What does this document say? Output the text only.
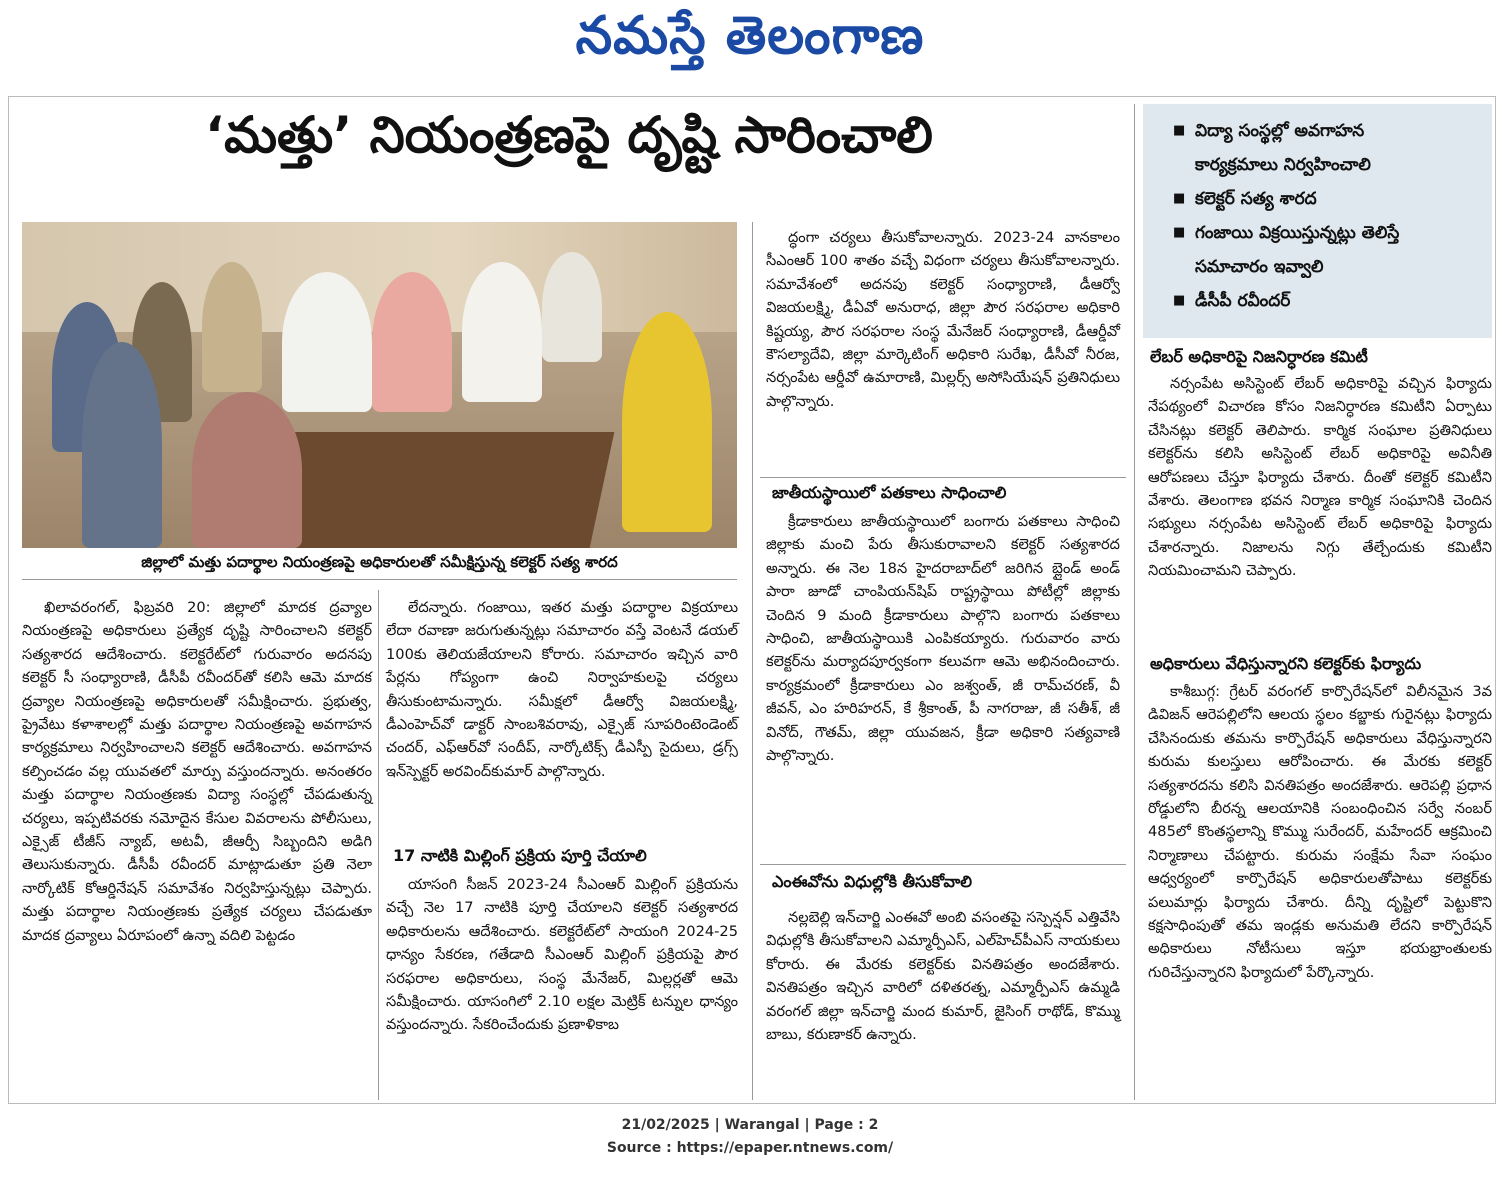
నమస్తే తెలంగాణ
‘మత్తు’ నియంత్రణపై దృష్టి సారించాలి
■	విద్యా సంస్థల్లో అవగాహన
కార్యక్రమాలు నిర్వహించాలి
■ కలెక్టర్ సత్య శారద
■ గంజాయి విక్రయిస్తున్నట్లు తెలిస్తే
సమాచారం ఇవ్వాలి
■ డీసీపీ రవీందర్
జిల్లాలో మత్తు పదార్థాల నియంత్రణపై అధికారులతో సమీక్షిస్తున్న కలెక్టర్ సత్య శారద

ఖిలావరంగల్, ఫిబ్రవరి 20: జిల్లాలో మాదక ద్రవ్యాల నియంత్రణపై అధికారులు ప్రత్యేక దృష్టి సారించాలని కలెక్టర్ సత్యశారద ఆదేశించారు. కలెక్టరేట్‌లో గురువారం అదనపు కలెక్టర్ సీ సంధ్యారాణి, డీసీపీ రవీందర్‌తో కలిసి ఆమె మాదక ద్రవ్యాల నియంత్రణపై అధికారులతో సమీక్షించారు. ప్రభుత్వ, ప్రైవేటు కళాశాలల్లో మత్తు పదార్థాల నియంత్రణపై అవగాహన కార్యక్రమాలు నిర్వహించాలని కలెక్టర్ ఆదేశించారు. అవగాహన కల్పించడం వల్ల యువతలో మార్పు వస్తుందన్నారు. అనంతరం మత్తు పదార్థాల నియంత్రణకు విద్యా సంస్థల్లో చేపడుతున్న చర్యలు, ఇప్పటివరకు నమోదైన కేసుల వివరాలను పోలీసులు, ఎక్సైజ్ టీజీస్ న్యాబ్, అటవీ, జీఆర్పీ సిబ్బందిని అడిగి తెలుసుకున్నారు. డీసీపీ రవీందర్ మాట్లాడుతూ ప్రతి నెలా నార్కోటిక్ కోఆర్డినేషన్ సమావేశం నిర్వహిస్తున్నట్లు చెప్పారు. మత్తు పదార్థాల నియంత్రణకు ప్రత్యేక చర్యలు చేపడుతూ మాదక ద్రవ్యాలు ఏరూపంలో ఉన్నా వదిలి పెట్టడం

లేదన్నారు. గంజాయి, ఇతర మత్తు పదార్థాల విక్రయాలు లేదా రవాణా జరుగుతున్నట్లు సమాచారం వస్తే వెంటనే డయల్ 100కు తెలియజేయాలని కోరారు. సమాచారం ఇచ్చిన వారి పేర్లను గోప్యంగా ఉంచి నిర్వాహకులపై చర్యలు తీసుకుంటామన్నారు. సమీక్షలో డీఆర్వో విజయలక్ష్మి, డీఎంహెచ్‌వో డాక్టర్ సాంబశివరావు, ఎక్సైజ్ సూపరింటెండెంట్ చందర్, ఎఫ్‌ఆర్‌వో సందీప్, నార్కోటిక్స్ డీఎస్పీ సైదులు, డ్రగ్స్ ఇన్‌స్పెక్టర్ అరవింద్‌కుమార్ పాల్గొన్నారు.

17 నాటికి మిల్లింగ్ ప్రక్రియ పూర్తి చేయాలి

యాసంగి సీజన్ 2023-24 సీఎంఆర్ మిల్లింగ్ ప్రక్రియను వచ్చే నెల 17 నాటికి పూర్తి చేయాలని కలెక్టర్ సత్యశారద అధికారులను ఆదేశించారు. కలెక్టరేట్‌లో సాయంగి 2024-25 ధాన్యం సేకరణ, గతేడాది సీఎంఆర్ మిల్లింగ్ ప్రక్రియపై పౌర సరఫరాల అధికారులు, సంస్థ మేనేజర్, మిల్లర్లతో ఆమె సమీక్షించారు. యాసంగిలో 2.10 లక్షల మెట్రిక్ టన్నుల ధాన్యం వస్తుందన్నారు. సేకరించేందుకు ప్రణాళికాబ

ద్ధంగా చర్యలు తీసుకోవాలన్నారు. 2023-24 వానకాలం సీఎంఆర్ 100 శాతం వచ్చే విధంగా చర్యలు తీసుకోవాలన్నారు. సమావేశంలో అదనపు కలెక్టర్ సంధ్యారాణి, డీఆర్వో విజయలక్ష్మి, డీఏవో అనురాధ, జిల్లా పౌర సరఫరాల అధికారి కిష్టయ్య, పౌర సరఫరాల సంస్థ మేనేజర్ సంధ్యారాణి, డీఆర్డీవో కౌసల్యాదేవి, జిల్లా మార్కెటింగ్ అధికారి సురేఖ, డీసీవో నీరజ, నర్సంపేట ఆర్డీవో ఉమారాణి, మిల్లర్స్ అసోసియేషన్ ప్రతినిధులు పాల్గొన్నారు.

జాతీయస్థాయిలో పతకాలు సాధించాలి

క్రీడాకారులు జాతీయస్థాయిలో బంగారు పతకాలు సాధించి జిల్లాకు మంచి పేరు తీసుకురావాలని కలెక్టర్ సత్యశారద అన్నారు. ఈ నెల 18న హైదరాబాద్‌లో జరిగిన బ్లైండ్ అండ్ పారా జూడో చాంపియన్‌షిప్ రాష్ట్రస్థాయి పోటీల్లో జిల్లాకు చెందిన 9 మంది క్రీడాకారులు పాల్గొని బంగారు పతకాలు సాధించి, జాతీయస్థాయికి ఎంపికయ్యారు. గురువారం వారు కలెక్టర్‌ను మర్యాదపూర్వకంగా కలువగా ఆమె అభినందించారు. కార్యక్రమంలో క్రీడాకారులు ఎం జశ్వంత్, జీ రామ్‌చరణ్, వీ జీవన్, ఎం హరిహరన్, కే శ్రీకాంత్, పీ నాగరాజు, జీ సతీశ్, జీ వినోద్, గౌతమ్, జిల్లా యువజన, క్రీడా అధికారి సత్యవాణి పాల్గొన్నారు.

ఎంఈవోను విధుల్లోకి తీసుకోవాలి

నల్లబెల్లి ఇన్‌చార్జి ఎంఈవో అంబి వసంతపై సస్పెన్షన్ ఎత్తివేసి విధుల్లోకి తీసుకోవాలని ఎమ్మార్పీఎస్, ఎల్‌హెచ్‌పీఎస్ నాయకులు కోరారు. ఈ మేరకు కలెక్టర్‌కు వినతిపత్రం అందజేశారు. వినతిపత్రం ఇచ్చిన వారిలో దళితరత్న, ఎమ్మార్పీఎస్ ఉమ్మడి వరంగల్ జిల్లా ఇన్‌చార్జి మంద కుమార్, జైసింగ్ రాథోడ్, కొమ్ము బాబు, కరుణాకర్ ఉన్నారు.

లేబర్ అధికారిపై నిజనిర్ధారణ కమిటీ

నర్సంపేట అసిస్టెంట్ లేబర్ అధికారిపై వచ్చిన ఫిర్యాదు నేపథ్యంలో విచారణ కోసం నిజనిర్ధారణ కమిటీని ఏర్పాటు చేసినట్లు కలెక్టర్ తెలిపారు. కార్మిక సంఘాల ప్రతినిధులు కలెక్టర్‌ను కలిసి అసిస్టెంట్ లేబర్ అధికారిపై అవినీతి ఆరోపణలు చేస్తూ ఫిర్యాదు చేశారు. దీంతో కలెక్టర్ కమిటీని వేశారు. తెలంగాణ భవన నిర్మాణ కార్మిక సంఘానికి చెందిన సభ్యులు నర్సంపేట అసిస్టెంట్ లేబర్ అధికారిపై ఫిర్యాదు చేశారన్నారు. నిజాలను నిగ్గు తేల్చేందుకు కమిటీని నియమించామని చెప్పారు.

అధికారులు వేధిస్తున్నారని కలెక్టర్‌కు ఫిర్యాదు

కాశీబుగ్గ: గ్రేటర్ వరంగల్ కార్పొరేషన్‌లో విలీనమైన 3వ డివిజన్ ఆరెపల్లిలోని ఆలయ స్థలం కబ్జాకు గురైనట్లు ఫిర్యాదు చేసినందుకు తమను కార్పొరేషన్ అధికారులు వేధిస్తున్నారని కురుమ కులస్తులు ఆరోపించారు. ఈ మేరకు కలెక్టర్ సత్యశారదను కలిసి వినతిపత్రం అందజేశారు. ఆరెపల్లి ప్రధాన రోడ్డులోని బీరన్న ఆలయానికి సంబంధించిన సర్వే నంబర్ 485లో కొంతస్థలాన్ని కొమ్ము సురేందర్, మహేందర్ ఆక్రమించి నిర్మాణాలు చేపట్టారు. కురుమ సంక్షేమ సేవా సంఘం ఆధ్వర్యంలో కార్పొరేషన్ అధికారులతోపాటు కలెక్టర్‌కు పలుమార్లు ఫిర్యాదు చేశారు. దీన్ని దృష్టిలో పెట్టుకొని కక్షసాధింపుతో తమ ఇండ్లకు అనుమతి లేదని కార్పొరేషన్ అధికారులు నోటీసులు ఇస్తూ భయభ్రాంతులకు గురిచేస్తున్నారని ఫిర్యాదులో పేర్కొన్నారు.

21/02/2025 | Warangal | Page : 2
Source : https://epaper.ntnews.com/
